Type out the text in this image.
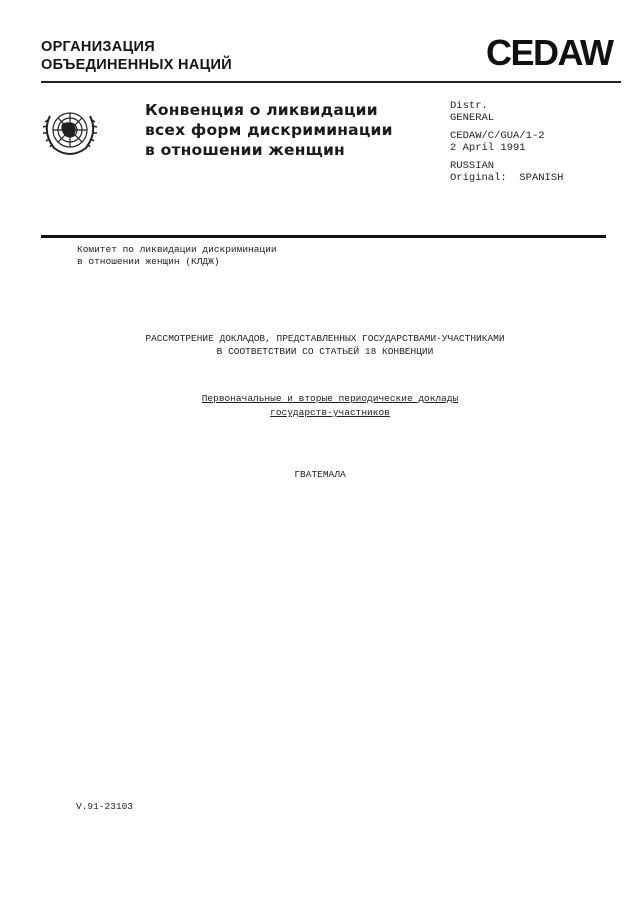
ОРГАНИЗАЦИЯ
ОБЪЕДИНЕННЫХ НАЦИЙ	CEDAW
Конвенция о ликвидации
всех форм дискриминации
в отношении женщин
Distr.
GENERAL
CEDAW/C/GUA/1-2
2 April 1991
RUSSIAN
Original:  SPANISH
Комитет по ликвидации дискриминации
в отношении женщин (КЛДЖ)
РАССМОТРЕНИЕ ДОКЛАДОВ, ПРЕДСТАВЛЕННЫХ ГОСУДАРСТВАМИ-УЧАСТНИКАМИ
В СООТВЕТСТВИИ СО СТАТЬЕЙ 18 КОНВЕНЦИИ
Первоначальные и вторые периодические доклады
государств-участников
ГВАТЕМАЛА
V.91-23103
